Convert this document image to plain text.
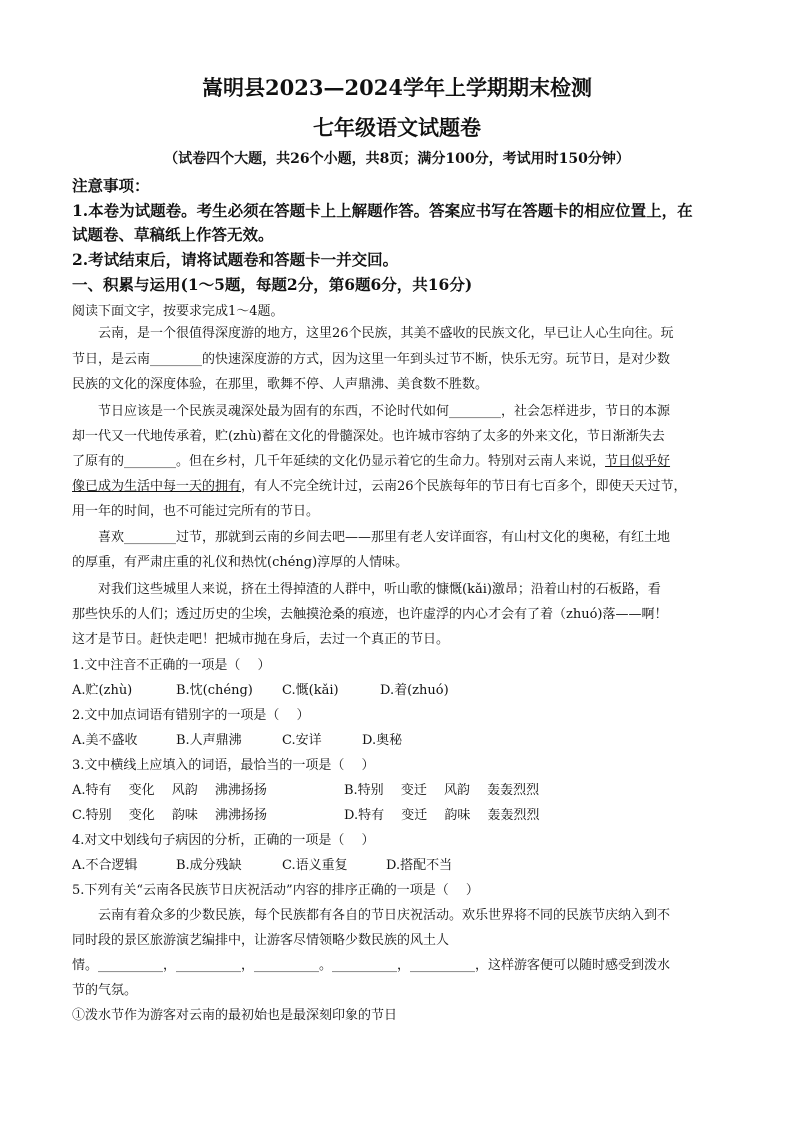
嵩明县2023—2024学年上学期期末检测
七年级语文试题卷
（试卷四个大题，共26个小题，共8页；满分100分，考试用时150分钟）
注意事项：
1.本卷为试题卷。考生必须在答题卡上上解题作答。答案应书写在答题卡的相应位置上，在
试题卷、草稿纸上作答无效。
2.考试结束后，请将试题卷和答题卡一并交回。
一、积累与运用(1～5题，每题2分，第6题6分，共16分)
阅读下面文字，按要求完成1～4题。
云南，是一个很值得深度游的地方，这里26个民族，其美不盛收的民族文化，早已让人心生向往。玩
节日，是云南________的快速深度游的方式，因为这里一年到头过节不断，快乐无穷。玩节日，是对少数
民族的文化的深度体验，在那里，歌舞不停、人声鼎沸、美食数不胜数。
节日应该是一个民族灵魂深处最为固有的东西，不论时代如何________，社会怎样进步，节日的本源
却一代又一代地传承着，贮(zhù)蓄在文化的骨髓深处。也许城市容纳了太多的外来文化，节日渐渐失去
了原有的________。但在乡村，几千年延续的文化仍显示着它的生命力。特别对云南人来说，节日似乎好
像已成为生活中每一天的拥有，有人不完全统计过，云南26个民族每年的节日有七百多个，即使天天过节，
用一年的时间，也不可能过完所有的节日。
喜欢________过节，那就到云南的乡间去吧——那里有老人安详面容，有山村文化的奥秘，有红土地
的厚重，有严肃庄重的礼仪和热忱(chéng)淳厚的人情味。
对我们这些城里人来说，挤在土得掉渣的人群中，听山歌的慷慨(kǎi)激昂；沿着山村的石板路，看
那些快乐的人们；透过历史的尘埃，去触摸沧桑的痕迹，也许虚浮的内心才会有了着（zhuó)落——啊！
这才是节日。赶快走吧！把城市抛在身后，去过一个真正的节日。
1.文中注音不正确的一项是（　 ）
A.贮(zhù)	B.忱(chéng) C.慨(kǎi)	D.着(zhuó)
2.文中加点词语有错别字的一项是（　 ）
A.美不盛收	B.人声鼎沸	C.安详	D.奥秘
3.文中横线上应填入的词语，最恰当的一项是（　 ）
A.特有　 变化　 风韵　 沸沸扬扬	B.特别　 变迁　 风韵　 轰轰烈烈
C.特别　 变化　 韵味　 沸沸扬扬	D.特有　 变迁　 韵味　 轰轰烈烈
4.对文中划线句子病因的分析，正确的一项是（　 ）
A.不合逻辑	B.成分残缺	C.语义重复	D.搭配不当
5.下列有关“云南各民族节日庆祝活动”内容的排序正确的一项是（　 ）
云南有着众多的少数民族，每个民族都有各自的节日庆祝活动。欢乐世界将不同的民族节庆纳入到不
同时段的景区旅游演艺编排中，让游客尽情领略少数民族的风土人
情。__________，__________，__________。__________，__________，这样游客便可以随时感受到泼水
节的气氛。
①泼水节作为游客对云南的最初始也是最深刻印象的节日
